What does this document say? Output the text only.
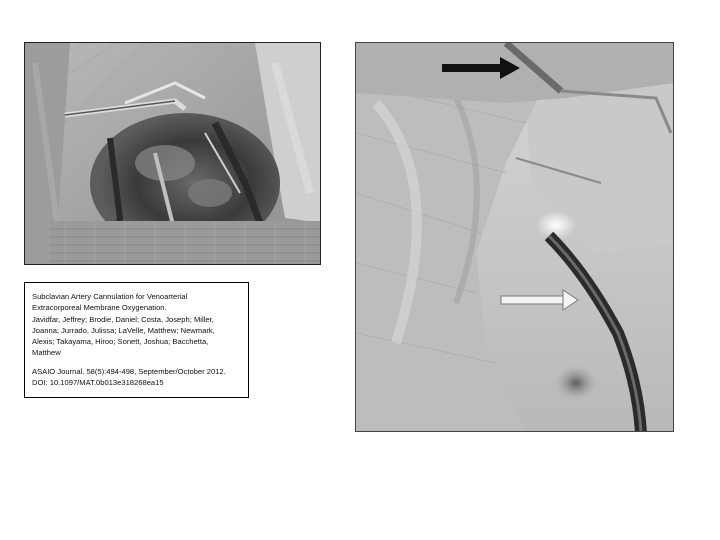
Subclavian Artery Cannulation for Venoarterial

Extracorporeal Membrane Oxygenation.

Javidfar, Jeffrey; Brodie, Daniel; Costa, Joseph; Miller,

Joanna; Jurrado, Julissa; LaVelle, Matthew; Newmark,

Alexis; Takayama, Hiroo; Sonett, Joshua; Bacchetta,

Matthew

ASAIO Journal. 58(5):494-498, September/October 2012.

DOI: 10.1097/MAT.0b013e318268ea15
